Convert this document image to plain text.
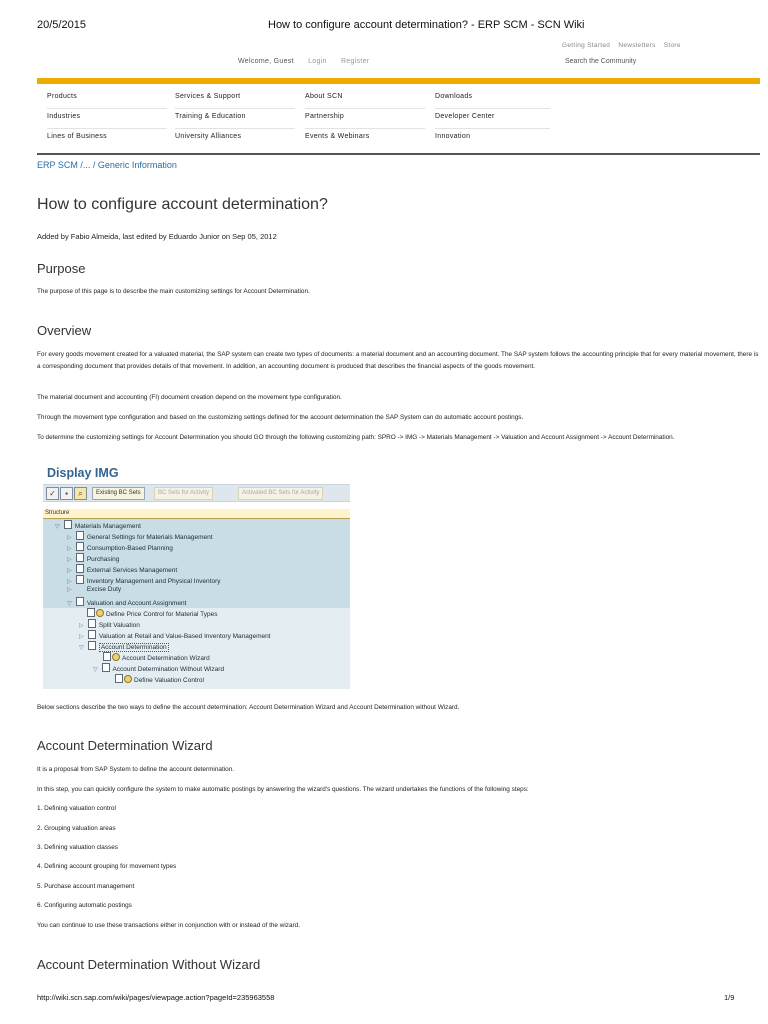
20/5/2015	How to configure account determination? - ERP SCM - SCN Wiki
Getting Started Newsletters Store
Welcome, Guest Login Register	Search the Community
Products
Industries
Lines of Business
Services & Support
Training & Education
University Alliances
About SCN
Partnership
Events & Webinars
Downloads
Developer Center
Innovation
ERP SCM /... / Generic Information
How to configure account determination?
Added by Fabio Almeida, last edited by Eduardo Junior on Sep 05, 2012
Purpose
The purpose of this page is to describe the main customizing settings for Account Determination.
Overview
For every goods movement created for a valuated material, the SAP system can create two types of documents: a material document and an accounting document. The SAP system follows the accounting principle that for every material movement, there is a corresponding document that provides details of that movement. In addition, an accounting document is produced that describes the financial aspects of the goods movement.
The material document and accounting (FI) document creation depend on the movement type configuration.
Through the movement type configuration and based on the customizing settings defined for the account determination the SAP System can do automatic account postings.
To determine the customizing settings for Account Determination you should GO through the following customizing path: SPRO -> IMG -> Materials Management -> Valuation and Account Assignment -> Account Determination.
Display IMG
✓	▪	⌕	Existing BC Sets	BC Sets for Activity	Activated BC Sets for Activity
Structure
▽ Materials Management
▷ General Settings for Materials Management
▷ Consumption-Based Planning
▷ Purchasing
▷ External Services Management
▷ Inventory Management and Physical Inventory
▷ Excise Duty
▽ Valuation and Account Assignment
Define Price Control for Material Types
▷ Split Valuation
▷ Valuation at Retail and Value-Based Inventory Management
▽	Account Determination
Account Determination Wizard
▽ Account Determination Without Wizard
Define Valuation Control
Below sections describe the two ways to define the account determination: Account Determination Wizard and Account Determination without Wizard.
Account Determination Wizard
It is a proposal from SAP System to define the account determination.
In this step, you can quickly configure the system to make automatic postings by answering the wizard's questions. The wizard undertakes the functions of the following steps:
1. Defining valuation control
2. Grouping valuation areas
3. Defining valuation classes
4. Defining account grouping for movement types
5. Purchase account management
6. Configuring automatic postings
You can continue to use these transactions either in conjunction with or instead of the wizard.
Account Determination Without Wizard
http://wiki.scn.sap.com/wiki/pages/viewpage.action?pageId=235963558	1/9
